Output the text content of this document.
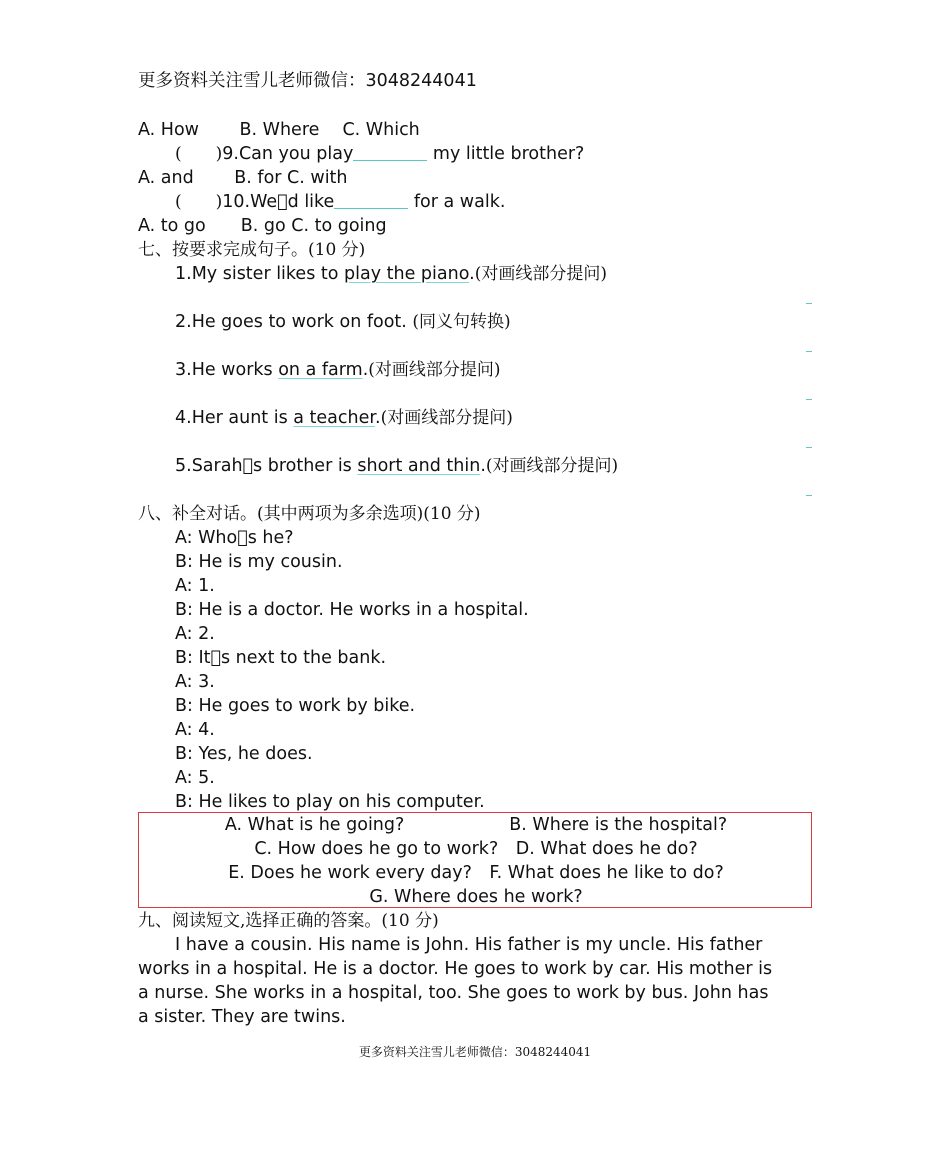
更多资料关注雪儿老师微信：3048244041
A. How　　 B. Where　 C. Which
(　　)9.Can you play	my little brother?
A. and　　 B. for C. with
(　　)10.We d like	for a walk.
A. to go　　B. go C. to going
七、按要求完成句子。(10 分)
1.My sister likes to play the piano.(对画线部分提问)
2.He goes to work on foot. (同义句转换)
3.He works on a farm.(对画线部分提问)
4.Her aunt is a teacher.(对画线部分提问)
5.Sarah s brother is short and thin.(对画线部分提问)
八、补全对话。(其中两项为多余选项)(10 分)
A: Who s he?
B: He is my cousin.
A: 1.
B: He is a doctor. He works in a hospital.
A: 2.
B: It s next to the bank.
A: 3.
B: He goes to work by bike.
A: 4.
B: Yes, he does.
A: 5.
B: He likes to play on his computer.
A. What is he going?　　　　　　B. Where is the hospital?
C. How does he go to work?　D. What does he do?
E. Does he work every day?　F. What does he like to do?
G. Where does he work?
九、阅读短文,选择正确的答案。(10 分)
I have a cousin. His name is John. His father is my uncle. His father
works in a hospital. He is a doctor. He goes to work by car. His mother is
a nurse. She works in a hospital, too. She goes to work by bus. John has
a sister. They are twins.
更多资料关注雪儿老师微信：3048244041
